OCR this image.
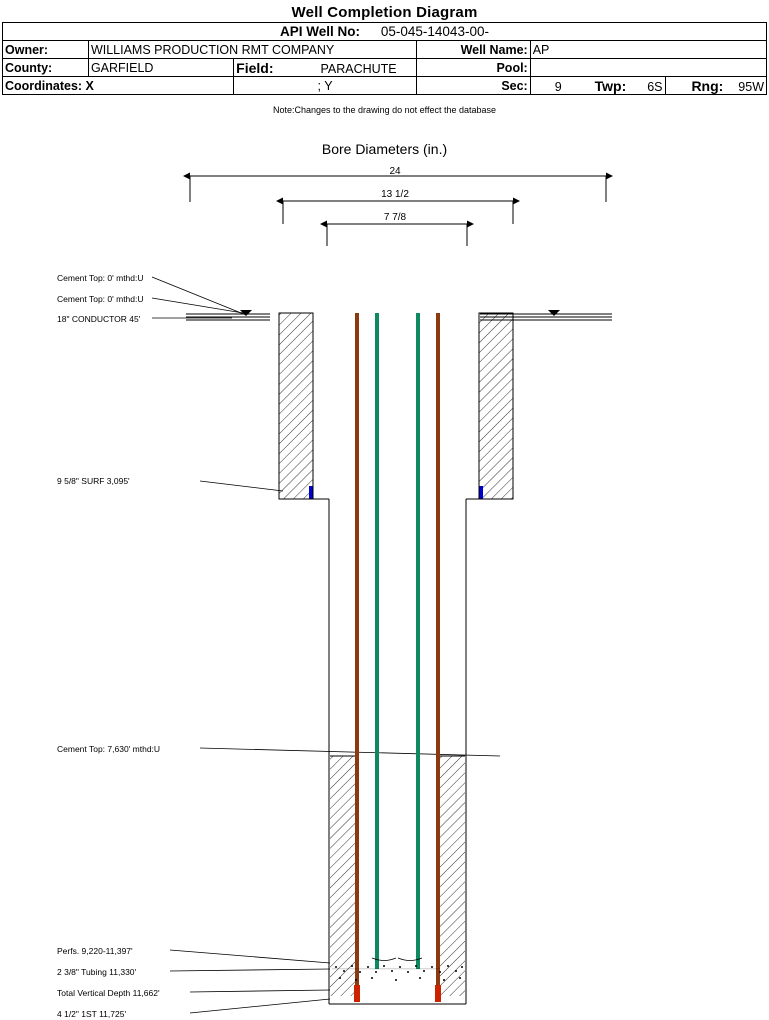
Well Completion Diagram
API Well No: 05-045-14043-00-					
Owner:	WILLIAMS PRODUCTION RMT COMPANY		Well Name:	AP	
County:	GARFIELD	Field: PARACHUTE	Pool:		
Coordinates: X		; Y	Sec:	9 Twp: 6S	Rng: 95W
Note:Changes to the drawing do not effect the database
Bore Diameters (in.)
24
13 1/2
7 7/8
Cement Top: 0' mthd:U
Cement Top: 0' mthd:U
18" CONDUCTOR 45'
9 5/8" SURF 3,095'
Cement Top: 7,630' mthd:U
Perfs. 9,220-11,397'
2 3/8" Tubing 11,330'
Total Vertical Depth 11,662'
4 1/2" 1ST 11,725'
